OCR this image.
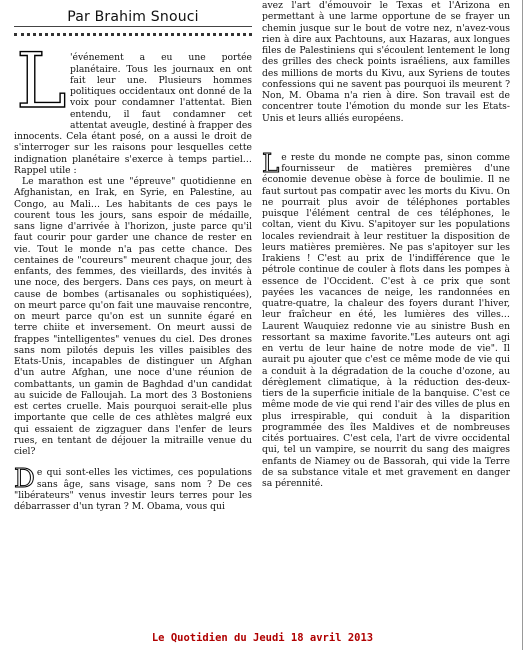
Par Brahim Snouci

L 'événement a eu une portée planétaire. Tous les journaux en ont fait leur une. Plusieurs hommes politiques occidentaux ont donné de la voix pour condamner l'attentat. Bien entendu, il faut condamner cet attentat aveugle, destiné à frapper des innocents. Cela étant posé, on a aussi le droit de s'interroger sur les raisons pour lesquelles cette indignation planétaire s'exerce à temps partiel… Rappel utile :

Le marathon est une "épreuve" quotidienne en Afghanistan, en Irak, en Syrie, en Palestine, au Congo, au Mali… Les habitants de ces pays le courent tous les jours, sans espoir de médaille, sans ligne d'arrivée à l'horizon, juste parce qu'il faut courir pour garder une chance de rester en vie. Tout le monde n'a pas cette chance. Des centaines de "coureurs" meurent chaque jour, des enfants, des femmes, des vieillards, des invités à une noce, des bergers. Dans ces pays, on meurt à cause de bombes (artisanales ou sophistiquées), on meurt parce qu'on fait une mauvaise rencontre, on meurt parce qu'on est un sunnite égaré en terre chiite et inversement. On meurt aussi de frappes "intelligentes" venues du ciel. Des drones sans nom pilotés depuis les villes paisibles des Etats-Unis, incapables de distinguer un Afghan d'un autre Afghan, une noce d'une réunion de combattants, un gamin de Baghdad d'un candidat au suicide de Falloujah. La mort des 3 Bostoniens est certes cruelle. Mais pourquoi serait-elle plus importante que celle de ces athlètes malgré eux qui essaient de zigzaguer dans l'enfer de leurs rues, en tentant de déjouer la mitraille venue du ciel?

De qui sont-elles les victimes, ces populations sans âge, sans visage, sans nom ? De ces "libérateurs" venus investir leurs terres pour les débarrasser d'un tyran ? M. Obama, vous qui

avez l'art d'émouvoir le Texas et l'Arizona en permettant à une larme opportune de se frayer un chemin jusque sur le bout de votre nez, n'avez-vous rien à dire aux Pachtouns, aux Hazaras, aux longues files de Palestiniens qui s'écoulent lentement le long des grilles des check points israéliens, aux familles des millions de morts du Kivu, aux Syriens de toutes confessions qui ne savent pas pourquoi ils meurent ? Non, M. Obama n'a rien à dire. Son travail est de concentrer toute l'émotion du monde sur les Etats-Unis et leurs alliés européens.

Le reste du monde ne compte pas, sinon comme fournisseur de matières premières d'une économie devenue obèse à force de boulimie. Il ne faut surtout pas compatir avec les morts du Kivu. On ne pourrait plus avoir de téléphones portables puisque l'élément central de ces téléphones, le coltan, vient du Kivu. S'apitoyer sur les populations locales reviendrait à leur restituer la disposition de leurs matières premières. Ne pas s'apitoyer sur les Irakiens ! C'est au prix de l'indifférence que le pétrole continue de couler à flots dans les pompes à essence de l'Occident. C'est à ce prix que sont payées les vacances de neige, les randonnées en quatre-quatre, la chaleur des foyers durant l'hiver, leur fraîcheur en été, les lumières des villes… Laurent Wauquiez redonne vie au sinistre Bush en ressortant sa maxime favorite."Les auteurs ont agi en vertu de leur haine de notre mode de vie". Il aurait pu ajouter que c'est ce même mode de vie qui a conduit à la dégradation de la couche d'ozone, au dérèglement climatique, à la réduction des-deux-tiers de la superficie initiale de la banquise. C'est ce même mode de vie qui rend l'air des villes de plus en plus irrespirable, qui conduit à la disparition programmée des îles Maldives et de nombreuses cités portuaires. C'est cela, l'art de vivre occidental qui, tel un vampire, se nourrit du sang des maigres enfants de Niamey ou de Bassorah, qui vide la Terre de sa substance vitale et met gravement en danger sa pérennité.

Le Quotidien du Jeudi 18 avril 2013
